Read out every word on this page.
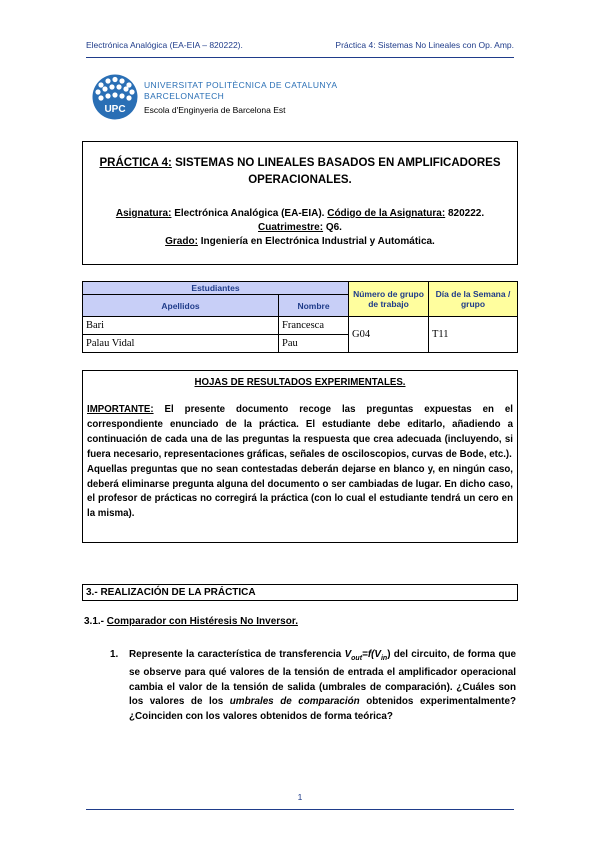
Electrónica Analógica (EA-EIA – 820222).	Práctica 4: Sistemas No Lineales con Op. Amp.
UPC
UNIVERSITAT POLITÈCNICA DE CATALUNYA
BARCELONATECH
Escola d'Enginyeria de Barcelona Est
PRÁCTICA 4: SISTEMAS NO LINEALES BASADOS EN AMPLIFICADORES
OPERACIONALES.
Asignatura: Electrónica Analógica (EA-EIA). Código de la Asignatura: 820222.
Cuatrimestre: Q6.
Grado: Ingeniería en Electrónica Industrial y Automática.
Estudiantes		Número de grupo de trabajo	Día de la Semana / grupo
Apellidos	Nombre		
Bari	Francesca	G04	T11
Palau Vidal	Pau		
HOJAS DE RESULTADOS EXPERIMENTALES.
IMPORTANTE: El presente documento recoge las preguntas expuestas en el correspondiente enunciado de la práctica. El estudiante debe editarlo, añadiendo a continuación de cada una de las preguntas la respuesta que crea adecuada (incluyendo, si fuera necesario, representaciones gráficas, señales de osciloscopios, curvas de Bode, etc.).
Aquellas preguntas que no sean contestadas deberán dejarse en blanco y, en ningún caso, deberá eliminarse pregunta alguna del documento o ser cambiadas de lugar. En dicho caso, el profesor de prácticas no corregirá la práctica (con lo cual el estudiante tendrá un cero en la misma).
3.- REALIZACIÓN DE LA PRÁCTICA
3.1.- Comparador con Histéresis No Inversor.
1. Represente la característica de transferencia $V_{out}=f(V_{in})$ del circuito, de forma que se observe para qué valores de la tensión de entrada el amplificador operacional cambia el valor de la tensión de salida (umbrales de comparación). ¿Cuáles son los valores de los umbrales de comparación obtenidos experimentalmente? ¿Coinciden con los valores obtenidos de forma teórica?
1
